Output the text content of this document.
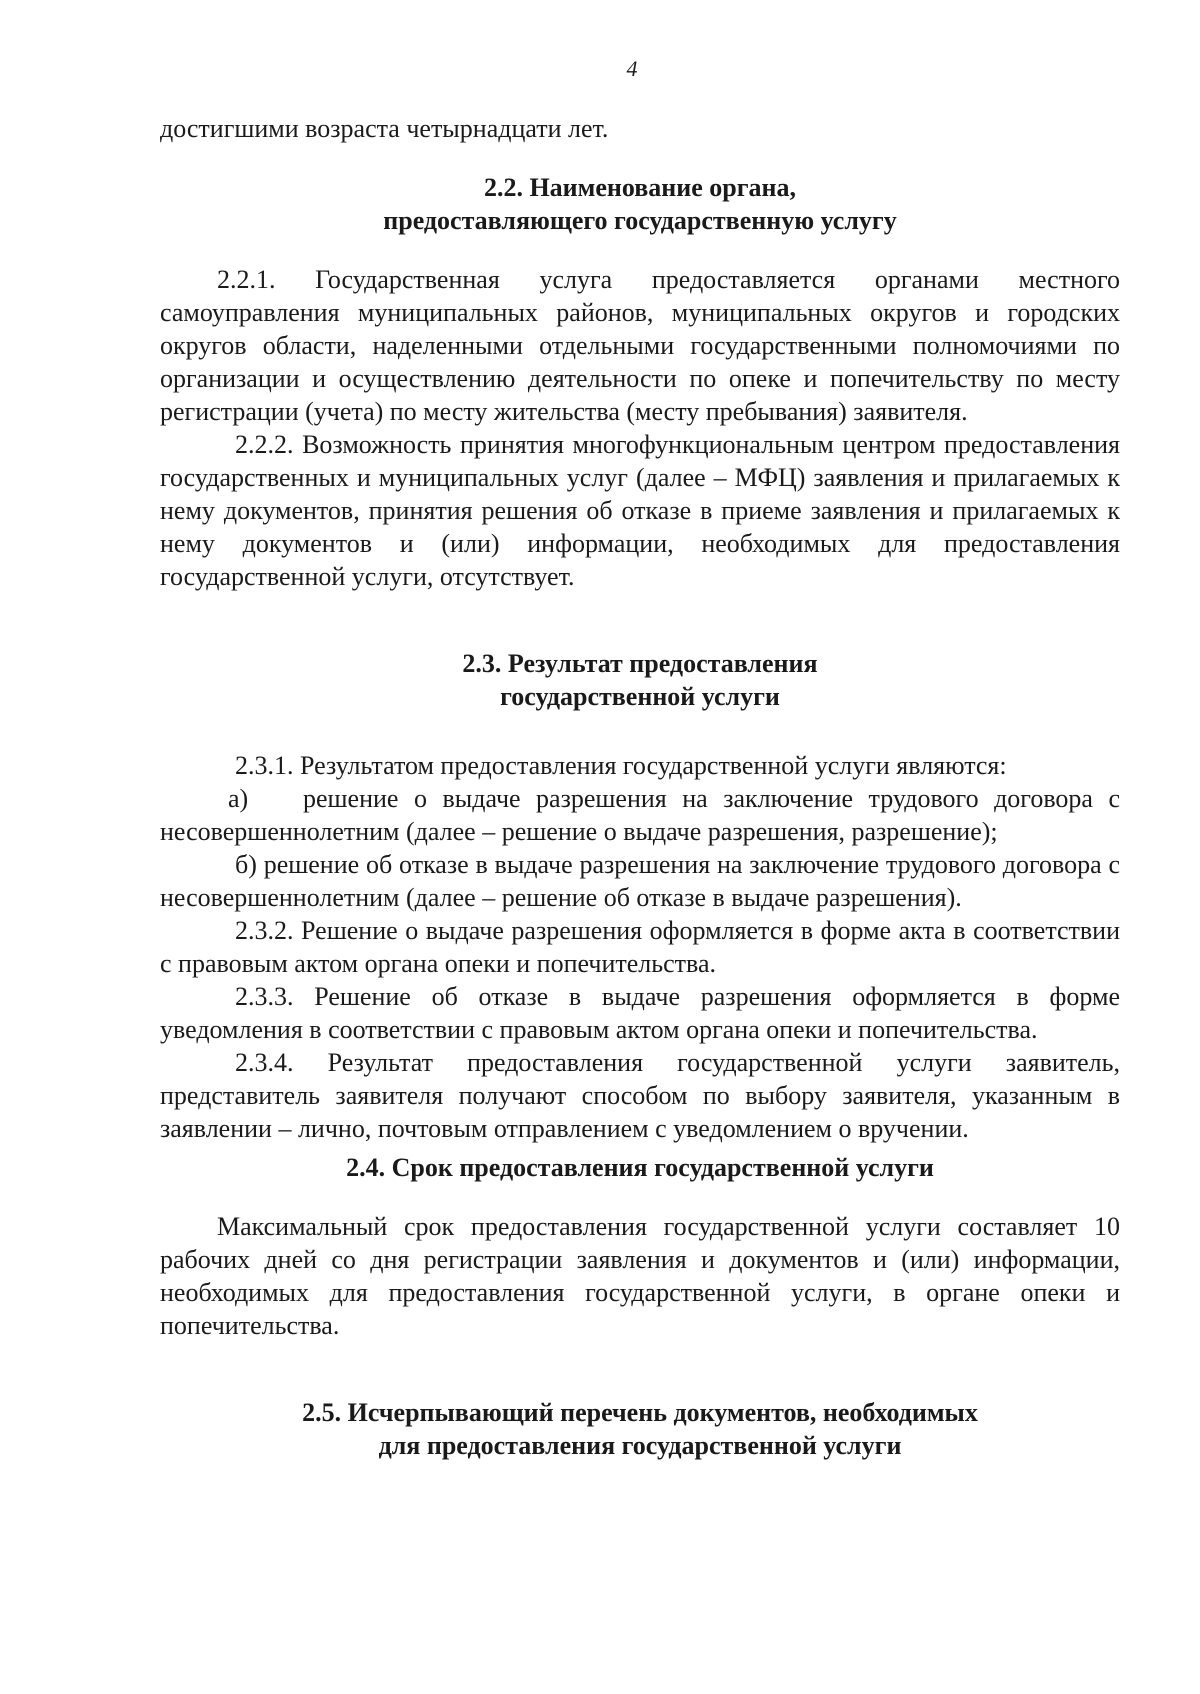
4

достигшими возраста четырнадцати лет.

2.2. Наименование органа,
предоставляющего государственную услугу

2.2.1. Государственная услуга предоставляется органами местного самоуправления муниципальных районов, муниципальных округов и городских округов области, наделенными отдельными государственными полномочиями по организации и осуществлению деятельности по опеке и попечительству по месту регистрации (учета) по месту жительства (месту пребывания) заявителя.

2.2.2. Возможность принятия многофункциональным центром предоставления государственных и муниципальных услуг (далее – МФЦ) заявления и прилагаемых к нему документов, принятия решения об отказе в приеме заявления и прилагаемых к нему документов и (или) информации, необходимых для предоставления государственной услуги, отсутствует.

2.3. Результат предоставления
государственной услуги

2.3.1. Результатом предоставления государственной услуги являются:

а) решение о выдаче разрешения на заключение трудового договора с несовершеннолетним (далее – решение о выдаче разрешения, разрешение);

б) решение об отказе в выдаче разрешения на заключение трудового договора с несовершеннолетним (далее – решение об отказе в выдаче разрешения).

2.3.2. Решение о выдаче разрешения оформляется в форме акта в соответствии с правовым актом органа опеки и попечительства.

2.3.3. Решение об отказе в выдаче разрешения оформляется в форме уведомления в соответствии с правовым актом органа опеки и попечительства.

2.3.4. Результат предоставления государственной услуги заявитель, представитель заявителя получают способом по выбору заявителя, указанным в заявлении – лично, почтовым отправлением с уведомлением о вручении.

2.4. Срок предоставления государственной услуги

Максимальный срок предоставления государственной услуги составляет 10 рабочих дней со дня регистрации заявления и документов и (или) информации, необходимых для предоставления государственной услуги, в органе опеки и попечительства.

2.5. Исчерпывающий перечень документов, необходимых
для предоставления государственной услуги
